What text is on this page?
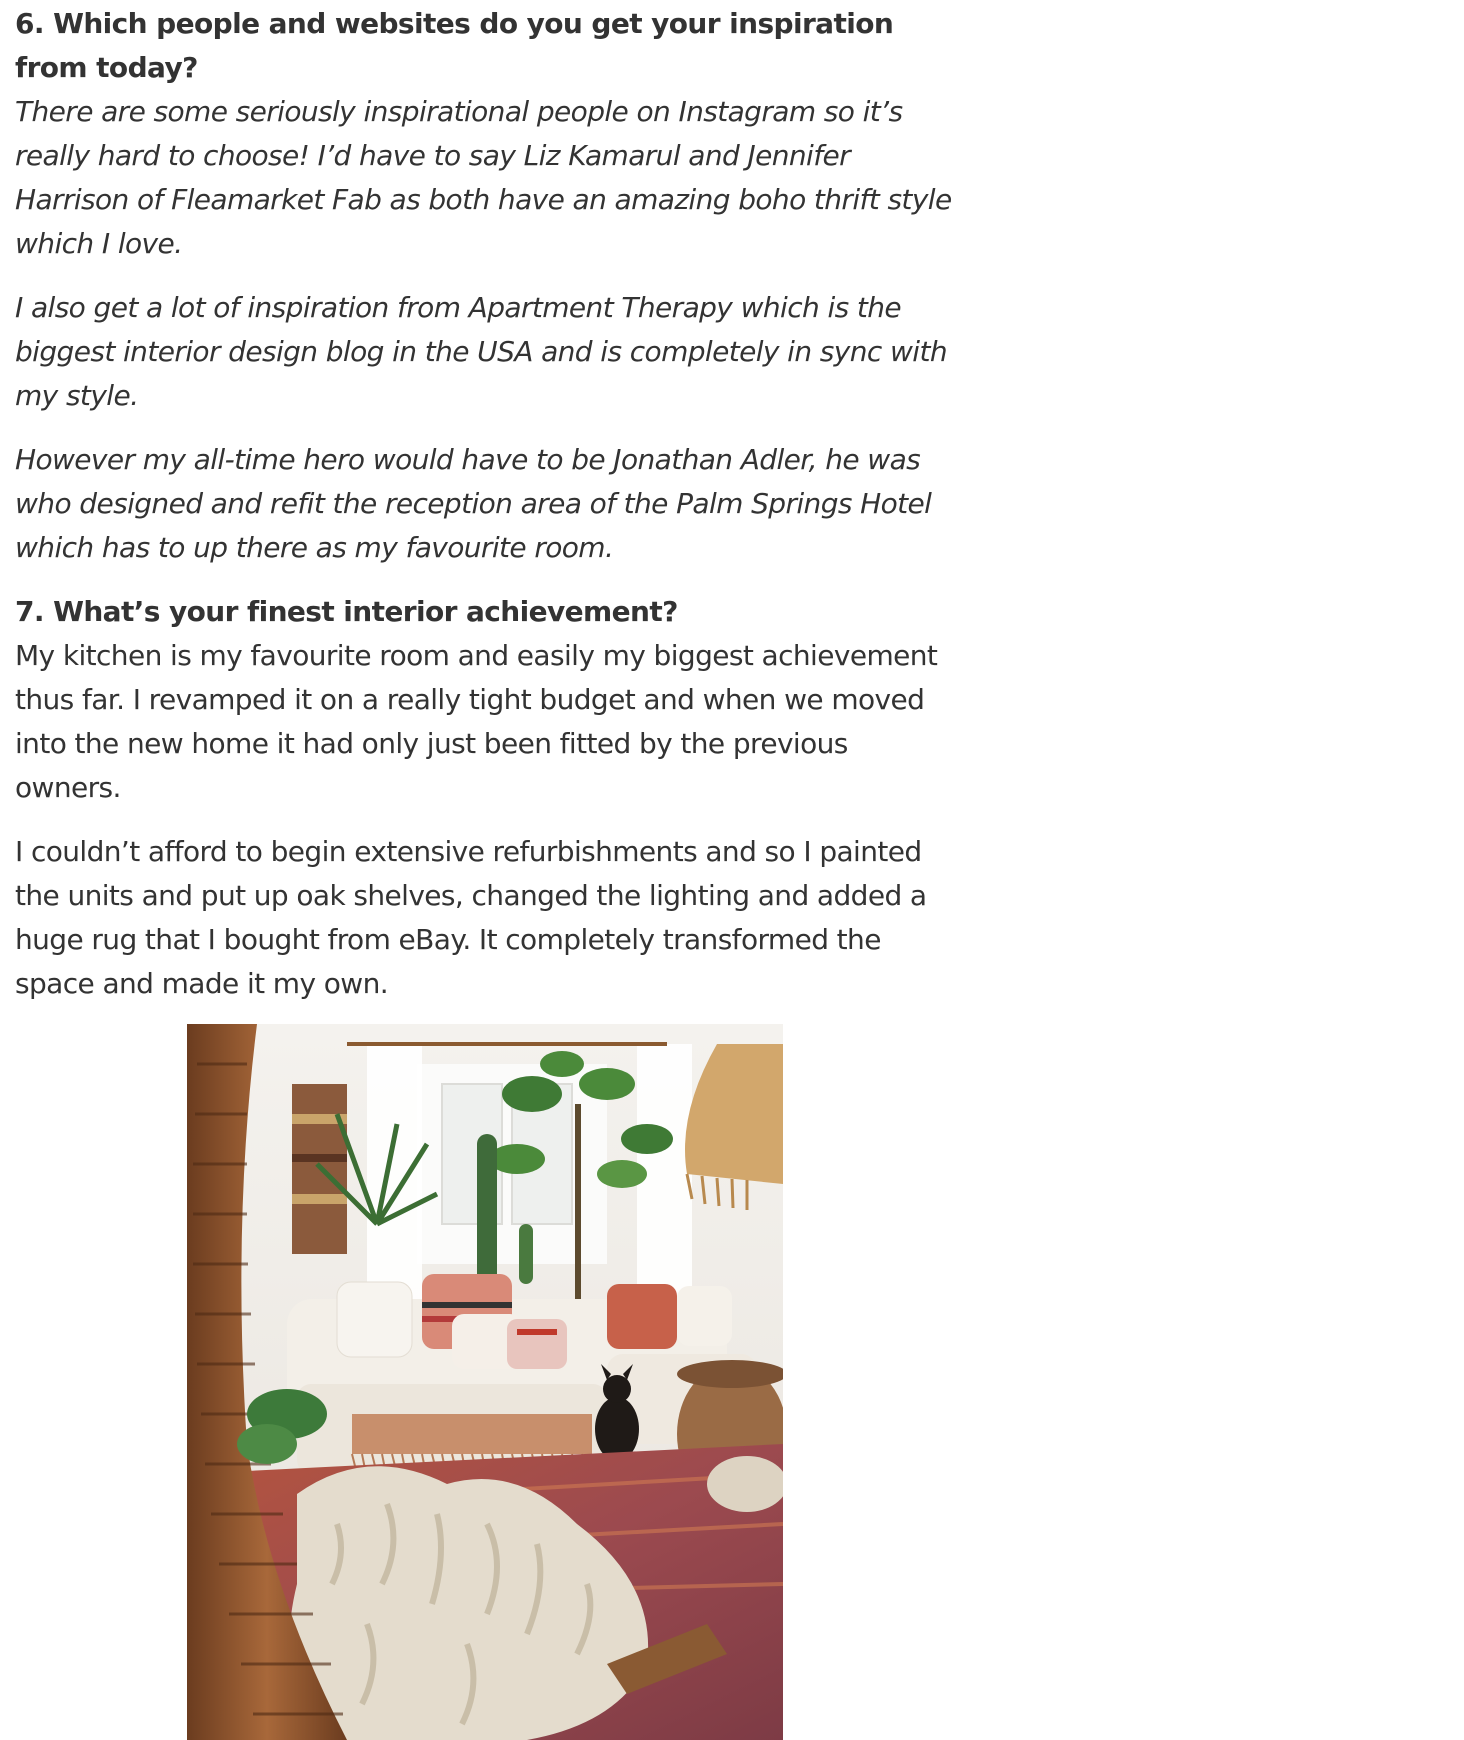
6. Which people and websites do you get your inspiration from today?

There are some seriously inspirational people on Instagram so it’s really hard to choose! I’d have to say Liz Kamarul and Jennifer Harrison of Fleamarket Fab as both have an amazing boho thrift style which I love.

I also get a lot of inspiration from Apartment Therapy which is the biggest interior design blog in the USA and is completely in sync with my style.

However my all-time hero would have to be Jonathan Adler, he was who designed and refit the reception area of the Palm Springs Hotel which has to up there as my favourite room.

7. What’s your finest interior achievement?

My kitchen is my favourite room and easily my biggest achievement thus far. I revamped it on a really tight budget and when we moved into the new home it had only just been fitted by the previous owners.

I couldn’t afford to begin extensive refurbishments and so I painted the units and put up oak shelves, changed the lighting and added a huge rug that I bought from eBay. It completely transformed the space and made it my own.
